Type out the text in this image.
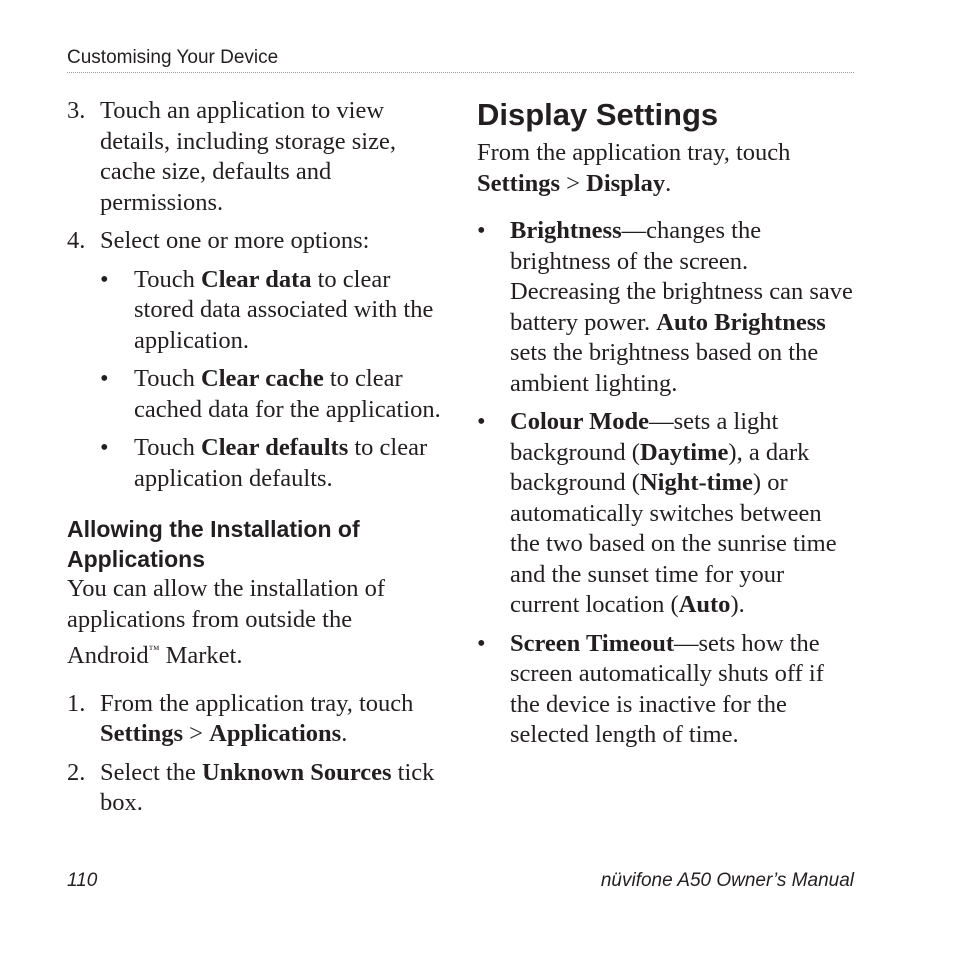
Customising Your Device
3. Touch an application to view details, including storage size, cache size, defaults and permissions.
4. Select one or more options:
• Touch Clear data to clear stored data associated with the application.
• Touch Clear cache to clear cached data for the application.
• Touch Clear defaults to clear application defaults.
Allowing the Installation of Applications
You can allow the installation of applications from outside the Android™ Market.
1. From the application tray, touch Settings > Applications.
2. Select the Unknown Sources tick box.
Display Settings
From the application tray, touch Settings > Display.
• Brightness—changes the brightness of the screen. Decreasing the brightness can save battery power. Auto Brightness sets the brightness based on the ambient lighting.
• Colour Mode—sets a light background (Daytime), a dark background (Night-time) or automatically switches between the two based on the sunrise time and the sunset time for your current location (Auto).
• Screen Timeout—sets how the screen automatically shuts off if the device is inactive for the selected length of time.
110	nüvifone A50 Owner’s Manual
